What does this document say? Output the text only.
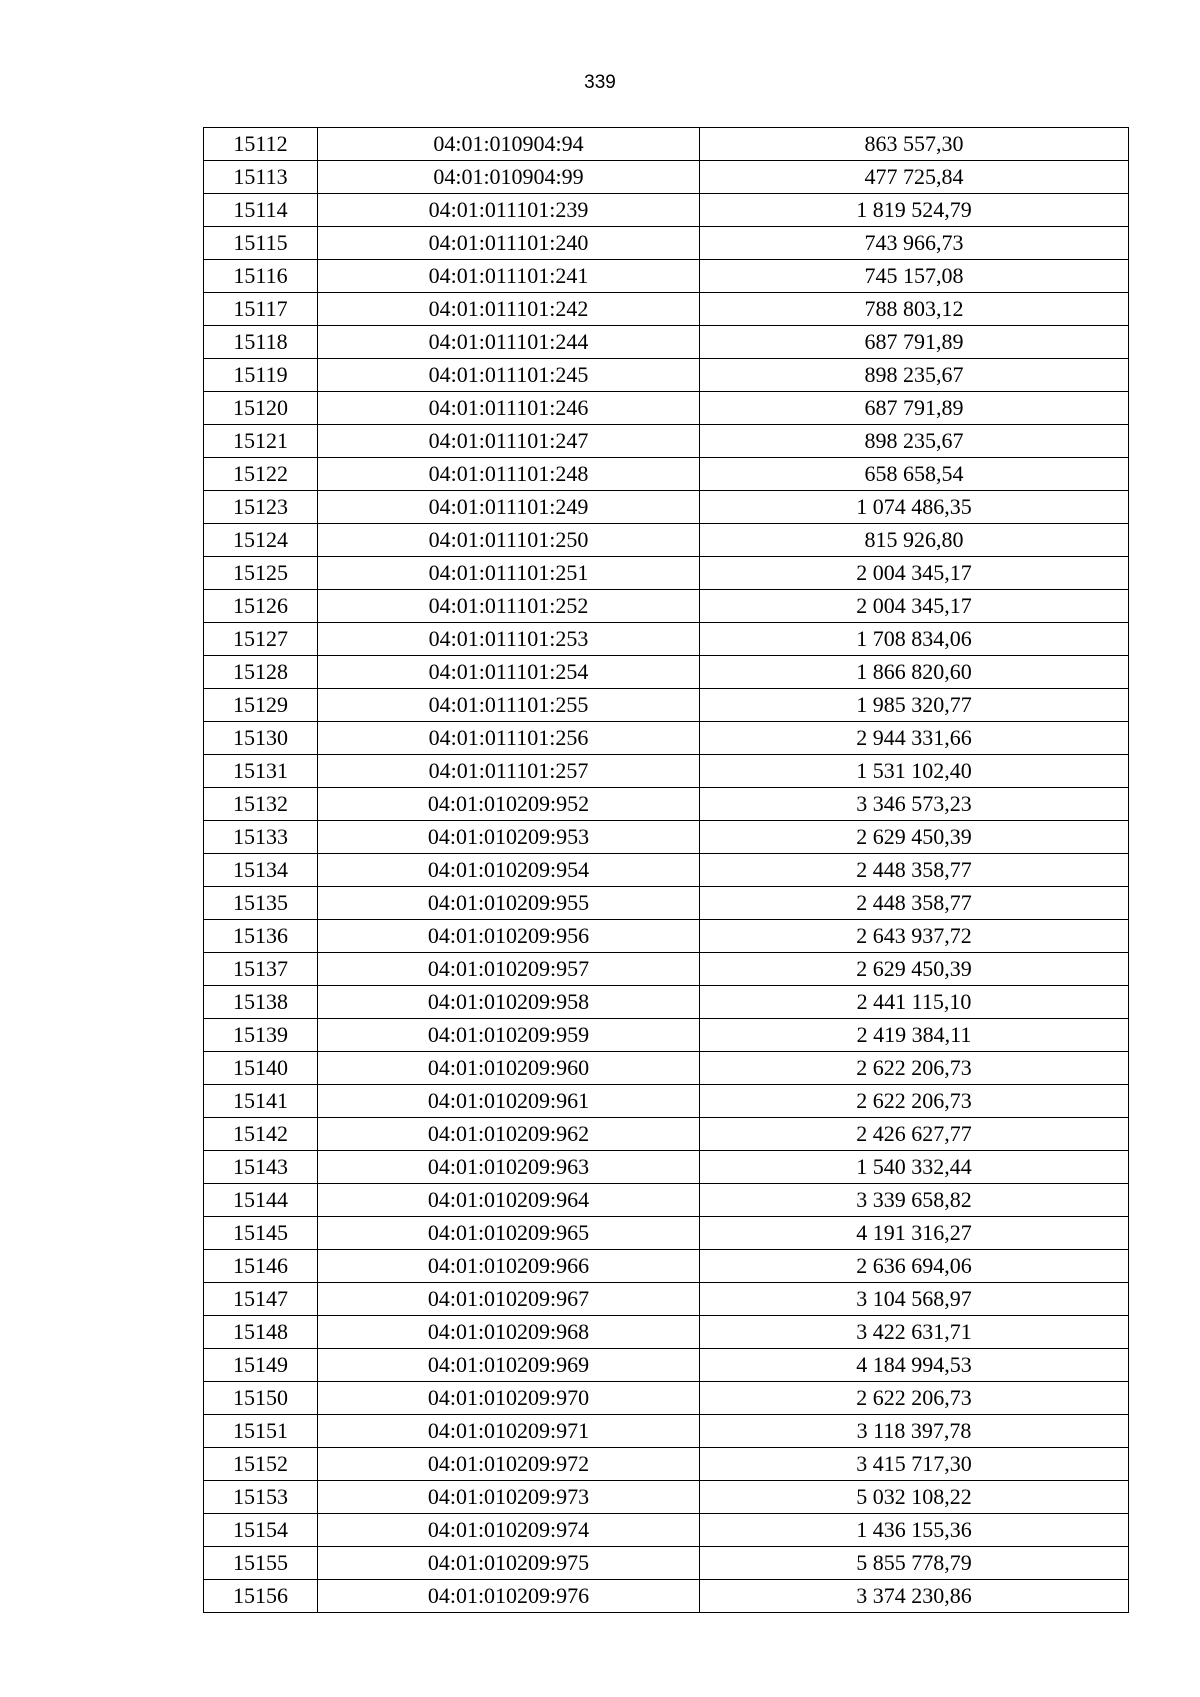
339
15112	04:01:010904:94	863 557,30
15113	04:01:010904:99	477 725,84
15114	04:01:011101:239	1 819 524,79
15115	04:01:011101:240	743 966,73
15116	04:01:011101:241	745 157,08
15117	04:01:011101:242	788 803,12
15118	04:01:011101:244	687 791,89
15119	04:01:011101:245	898 235,67
15120	04:01:011101:246	687 791,89
15121	04:01:011101:247	898 235,67
15122	04:01:011101:248	658 658,54
15123	04:01:011101:249	1 074 486,35
15124	04:01:011101:250	815 926,80
15125	04:01:011101:251	2 004 345,17
15126	04:01:011101:252	2 004 345,17
15127	04:01:011101:253	1 708 834,06
15128	04:01:011101:254	1 866 820,60
15129	04:01:011101:255	1 985 320,77
15130	04:01:011101:256	2 944 331,66
15131	04:01:011101:257	1 531 102,40
15132	04:01:010209:952	3 346 573,23
15133	04:01:010209:953	2 629 450,39
15134	04:01:010209:954	2 448 358,77
15135	04:01:010209:955	2 448 358,77
15136	04:01:010209:956	2 643 937,72
15137	04:01:010209:957	2 629 450,39
15138	04:01:010209:958	2 441 115,10
15139	04:01:010209:959	2 419 384,11
15140	04:01:010209:960	2 622 206,73
15141	04:01:010209:961	2 622 206,73
15142	04:01:010209:962	2 426 627,77
15143	04:01:010209:963	1 540 332,44
15144	04:01:010209:964	3 339 658,82
15145	04:01:010209:965	4 191 316,27
15146	04:01:010209:966	2 636 694,06
15147	04:01:010209:967	3 104 568,97
15148	04:01:010209:968	3 422 631,71
15149	04:01:010209:969	4 184 994,53
15150	04:01:010209:970	2 622 206,73
15151	04:01:010209:971	3 118 397,78
15152	04:01:010209:972	3 415 717,30
15153	04:01:010209:973	5 032 108,22
15154	04:01:010209:974	1 436 155,36
15155	04:01:010209:975	5 855 778,79
15156	04:01:010209:976	3 374 230,86
